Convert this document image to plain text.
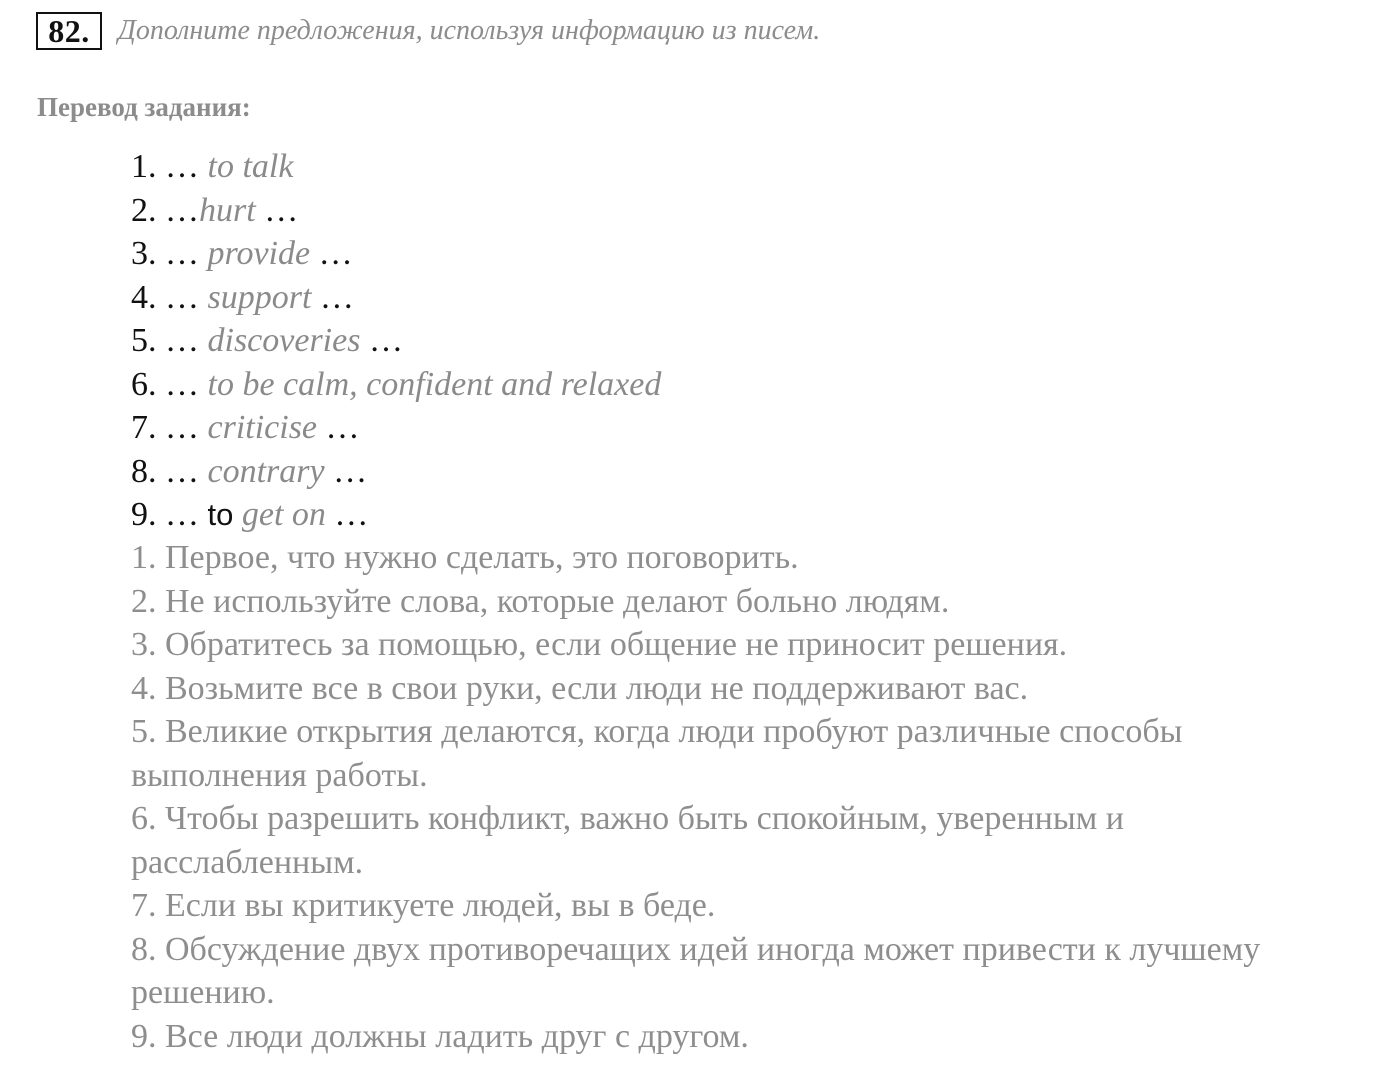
82.	Дополните предложения, используя информацию из писем.
Перевод задания:
1. … to talk
2. …hurt …
3. … provide …
4. … support …
5. … discoveries …
6. … to be calm, confident and relaxed
7. … criticise …
8. … contrary …
9. … to get on …
1. Первое, что нужно сделать, это поговорить.
2. Не используйте слова, которые делают больно людям.
3. Обратитесь за помощью, если общение не приносит решения.
4. Возьмите все в свои руки, если люди не поддерживают вас.
5. Великие открытия делаются, когда люди пробуют различные способы выполнения работы.
6. Чтобы разрешить конфликт, важно быть спокойным, уверенным и расслабленным.
7. Если вы критикуете людей, вы в беде.
8. Обсуждение двух противоречащих идей иногда может привести к лучшему решению.
9. Все люди должны ладить друг с другом.
